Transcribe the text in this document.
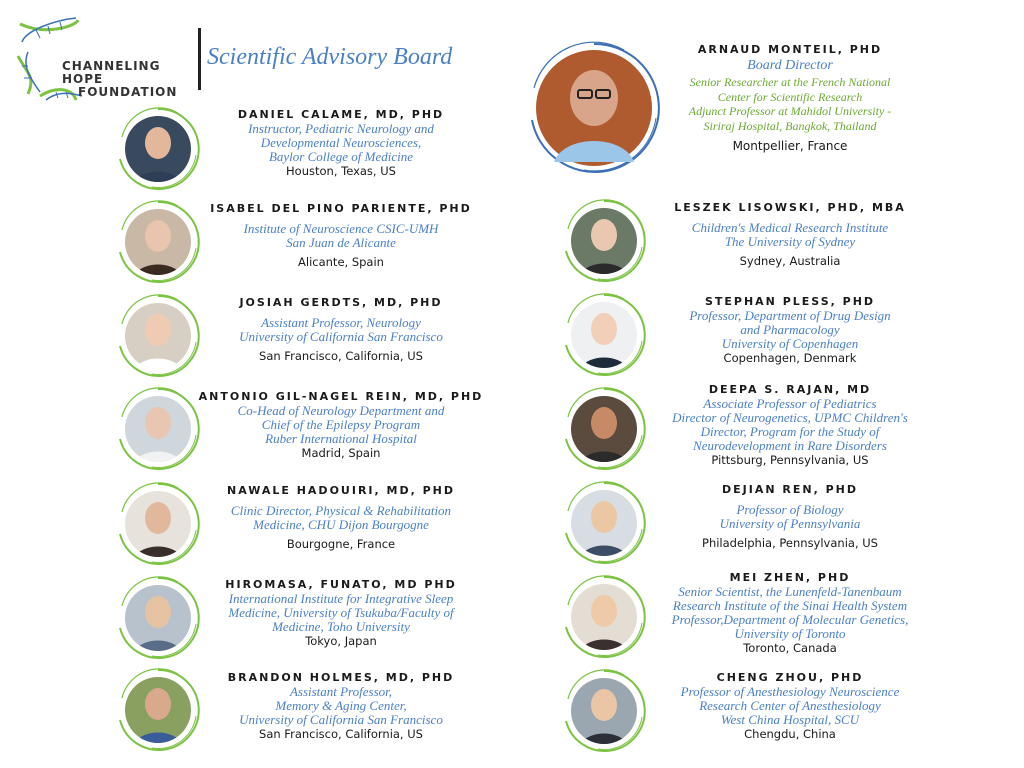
CHANNELING HOPE
FOUNDATION
Scientific Advisory Board	ARNAUD MONTEIL, PHD
Board Director
Senior Researcher at the French National
Center for Scientific Research
Adjunct Professor at Mahidol University -
Siriraj Hospital, Bangkok, Thailand
Montpellier, France
DANIEL CALAME, MD, PHD
Instructor, Pediatric Neurology and
Developmental Neurosciences,
Baylor College of Medicine
Houston, Texas, US
ISABEL DEL PINO PARIENTE, PHD
Institute of Neuroscience CSIC-UMH
San Juan de Alicante
Alicante, Spain
JOSIAH GERDTS, MD, PHD
Assistant Professor, Neurology
University of California San Francisco
San Francisco, California, US
ANTONIO GIL-NAGEL REIN, MD, PHD
Co-Head of Neurology Department and
Chief of the Epilepsy Program
Ruber International Hospital
Madrid, Spain
NAWALE HADOUIRI, MD, PHD
Clinic Director, Physical & Rehabilitation
Medicine, CHU Dijon Bourgogne
Bourgogne, France
HIROMASA, FUNATO, MD PHD
International Institute for Integrative Sleep
Medicine, University of Tsukuba/Faculty of
Medicine, Toho University
Tokyo, Japan
BRANDON HOLMES, MD, PHD
Assistant Professor,
Memory & Aging Center,
University of California San Francisco
San Francisco, California, US
LESZEK LISOWSKI, PHD, MBA
Children's Medical Research Institute
The University of Sydney
Sydney, Australia
STEPHAN PLESS, PHD
Professor, Department of Drug Design
and Pharmacology
University of Copenhagen
Copenhagen, Denmark
DEEPA S. RAJAN, MD
Associate Professor of Pediatrics
Director of Neurogenetics, UPMC Children's
Director, Program for the Study of
Neurodevelopment in Rare Disorders
Pittsburg, Pennsylvania, US
DEJIAN REN, PHD
Professor of Biology
University of Pennsylvania
Philadelphia, Pennsylvania, US
MEI ZHEN, PHD
Senior Scientist, the Lunenfeld-Tanenbaum
Research Institute of the Sinai Health System
Professor,Department of Molecular Genetics,
University of Toronto
Toronto, Canada
CHENG ZHOU, PHD
Professor of Anesthesiology Neuroscience
Research Center of Anesthesiology
West China Hospital, SCU
Chengdu, China
